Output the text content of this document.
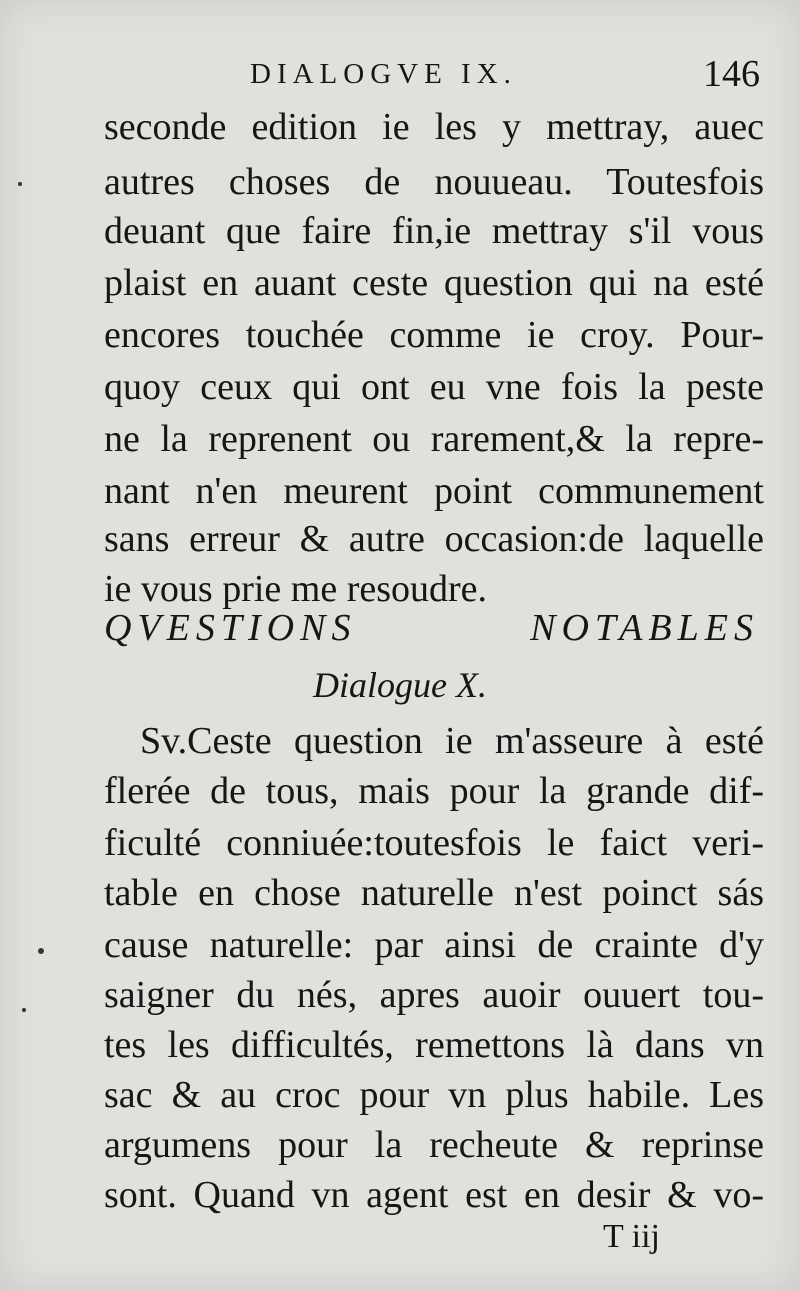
DIALOGVE IX.	146
seconde edition ie les y mettray, auec
autres choses de nouueau. Toutesfois
deuant que faire fin,ie mettray s'il vous
plaist en auant ceste question qui na esté
encores touchée comme ie croy. Pour-
quoy ceux qui ont eu vne fois la peste
ne la reprenent ou rarement,& la repre-
nant n'en meurent point communement
sans erreur & autre occasion:de laquelle
ie vous prie me resoudre.
QVESTIONS NOTABLES
Dialogue X.
Sv.Ceste question ie m'asseure à esté
flerée de tous, mais pour la grande dif-
ficulté conniuée:toutesfois le faict veri-
table en chose naturelle n'est poinct sás
cause naturelle: par ainsi de crainte d'y
saigner du nés, apres auoir ouuert tou-
tes les difficultés, remettons là dans vn
sac & au croc pour vn plus habile. Les
argumens pour la recheute & reprinse
sont. Quand vn agent est en desir & vo-
T iij
